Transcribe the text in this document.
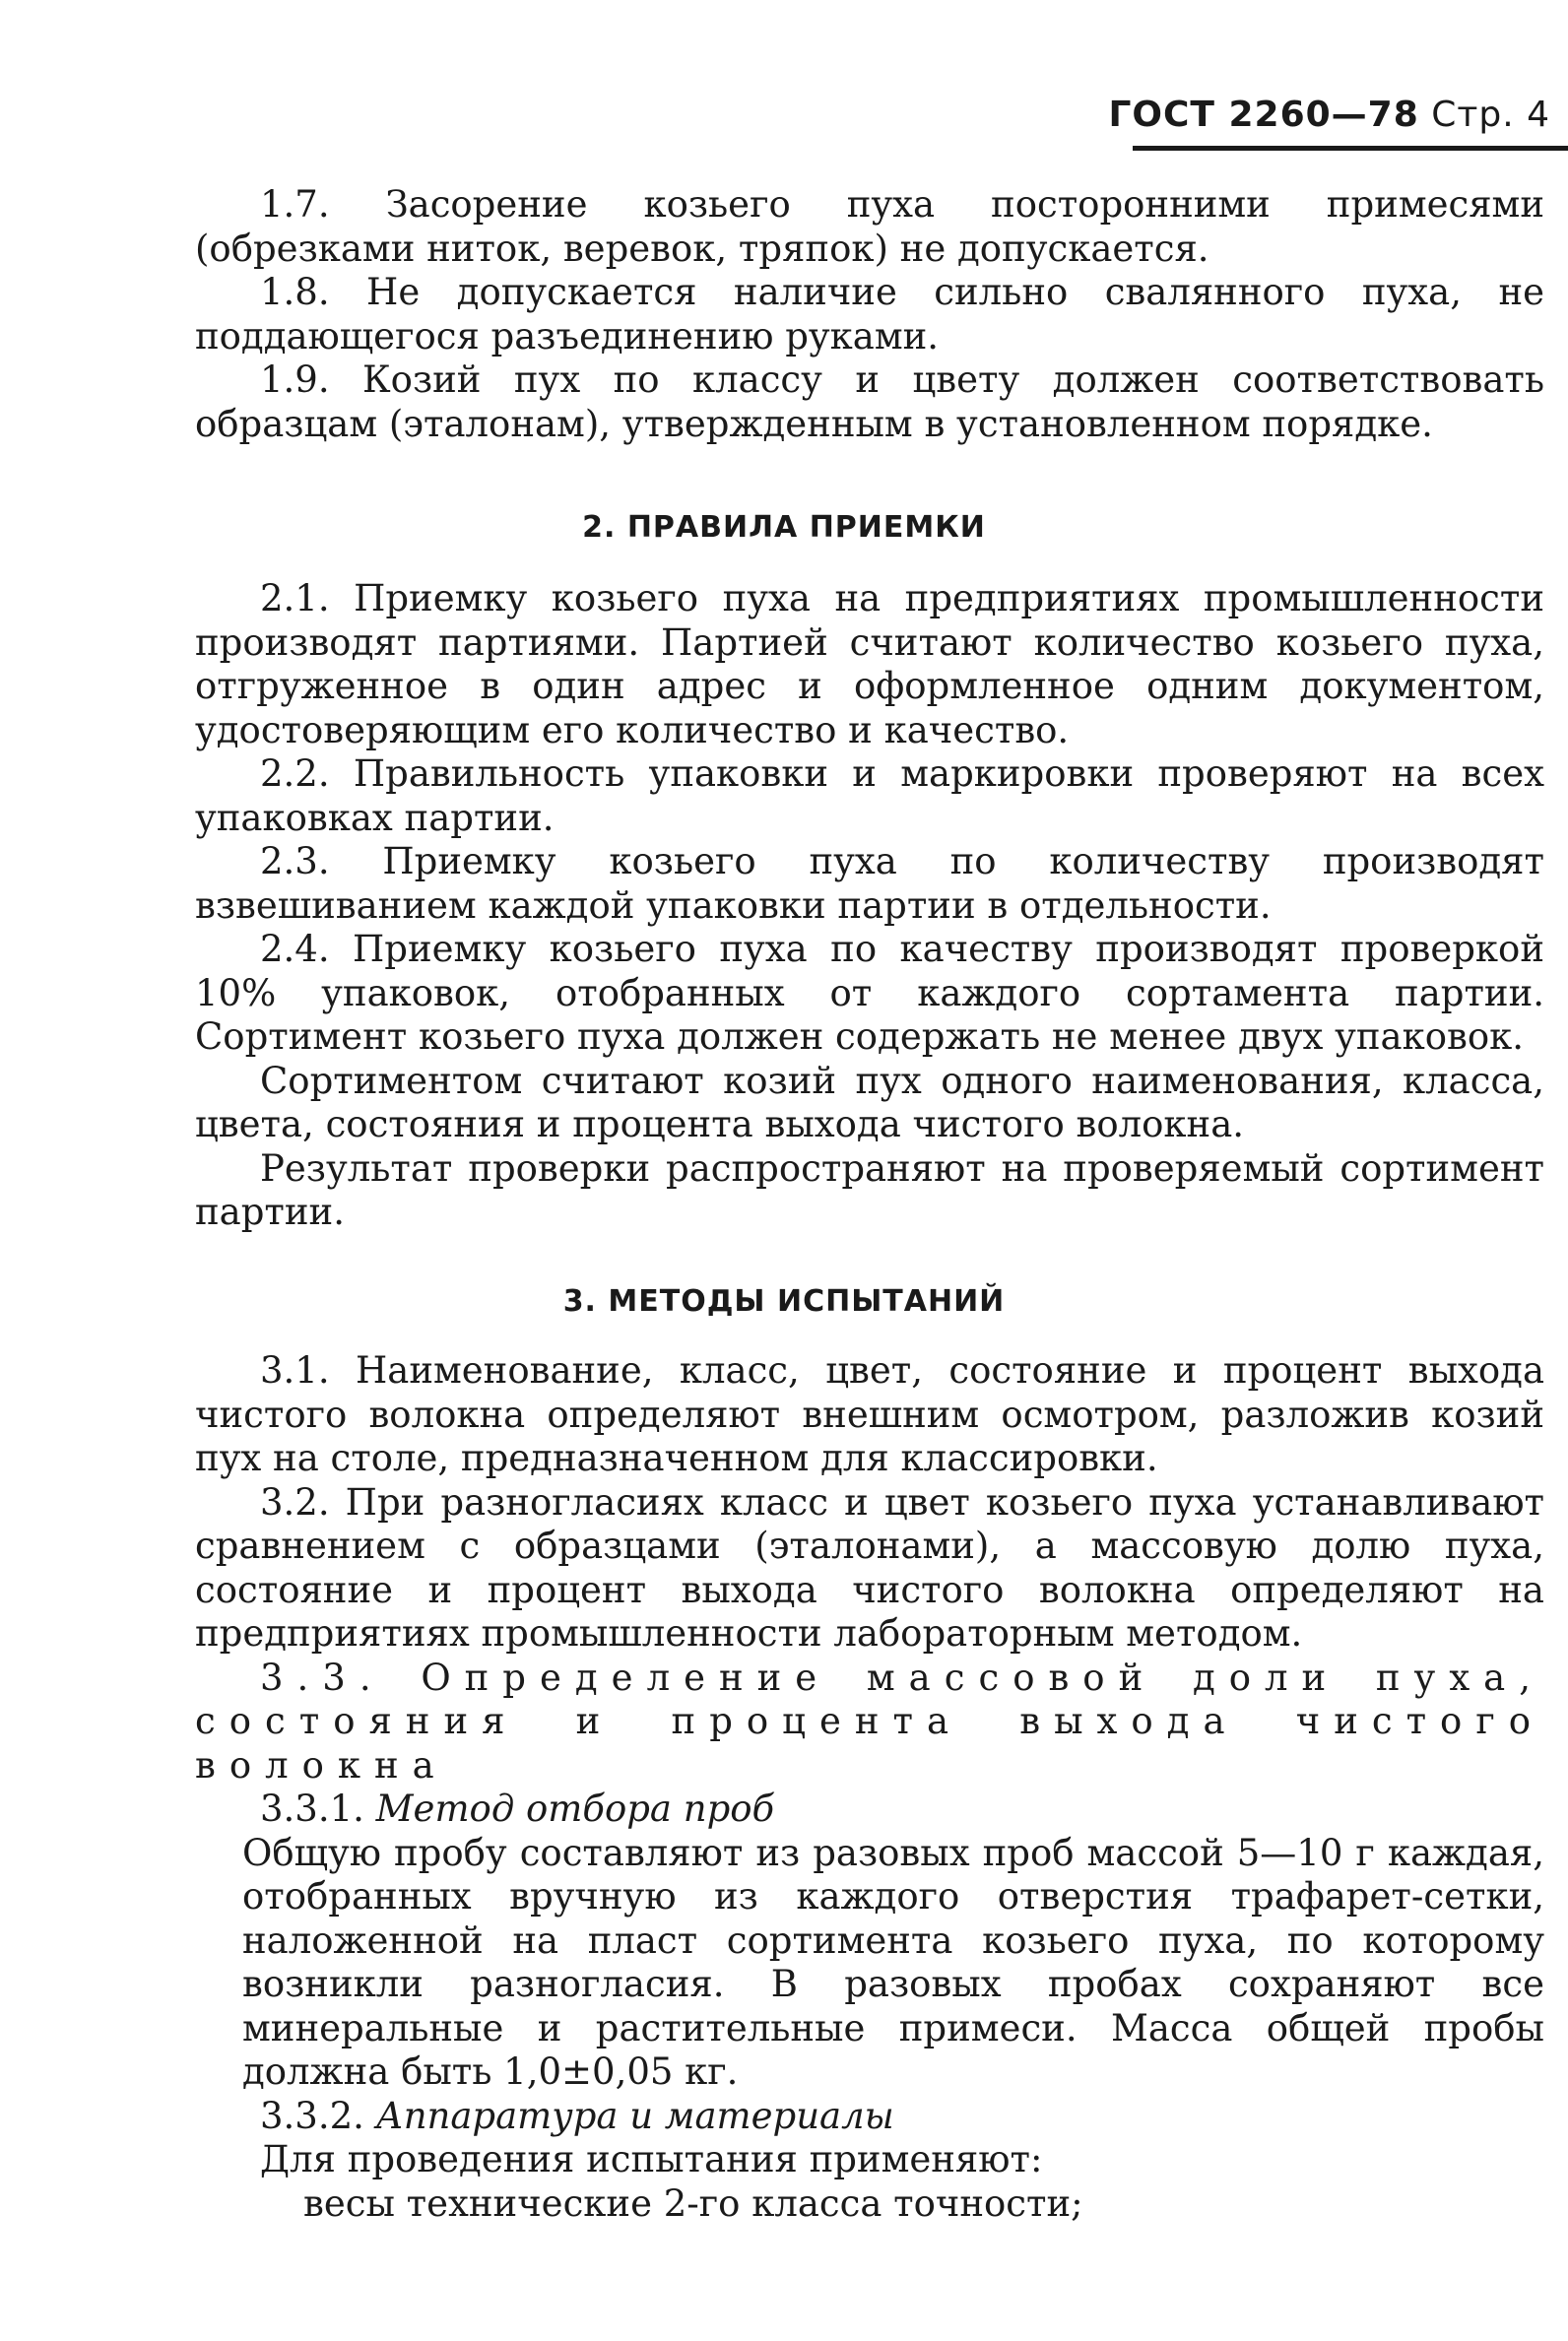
ГОСТ 2260—78 Стр. 4

1.7. Засорение козьего пуха посторонними примесями (обрезками ниток, веревок, тряпок) не допускается.

1.8. Не допускается наличие сильно свалянного пуха, не поддающегося разъединению руками.

1.9. Козий пух по классу и цвету должен соответствовать образцам (эталонам), утвержденным в установленном порядке.

2. ПРАВИЛА ПРИЕМКИ

2.1. Приемку козьего пуха на предприятиях промышленности производят партиями. Партией считают количество козьего пуха, отгруженное в один адрес и оформленное одним документом, удостоверяющим его количество и качество.

2.2. Правильность упаковки и маркировки проверяют на всех упаковках партии.

2.3. Приемку козьего пуха по количеству производят взвешиванием каждой упаковки партии в отдельности.

2.4. Приемку козьего пуха по качеству производят проверкой 10% упаковок, отобранных от каждого сортамента партии. Сортимент козьего пуха должен содержать не менее двух упаковок.

Сортиментом считают козий пух одного наименования, класса, цвета, состояния и процента выхода чистого волокна.

Результат проверки распространяют на проверяемый сортимент партии.

3. МЕТОДЫ ИСПЫТАНИЙ

3.1. Наименование, класс, цвет, состояние и процент выхода чистого волокна определяют внешним осмотром, разложив козий пух на столе, предназначенном для классировки.

3.2. При разногласиях класс и цвет козьего пуха устанавливают сравнением с образцами (эталонами), а массовую долю пуха, состояние и процент выхода чистого волокна определяют на предприятиях промышленности лабораторным методом.

3.3. Определение массовой доли пуха, состояния и процента выхода чистого волокна

3.3.1. Метод отбора проб

Общую пробу составляют из разовых проб массой 5—10 г каждая, отобранных вручную из каждого отверстия трафарет-сетки, наложенной на пласт сортимента козьего пуха, по которому возникли разногласия. В разовых пробах сохраняют все минеральные и растительные примеси. Масса общей пробы должна быть 1,0±0,05 кг.

3.3.2. Аппаратура и материалы

Для проведения испытания применяют:

весы технические 2-го класса точности;
